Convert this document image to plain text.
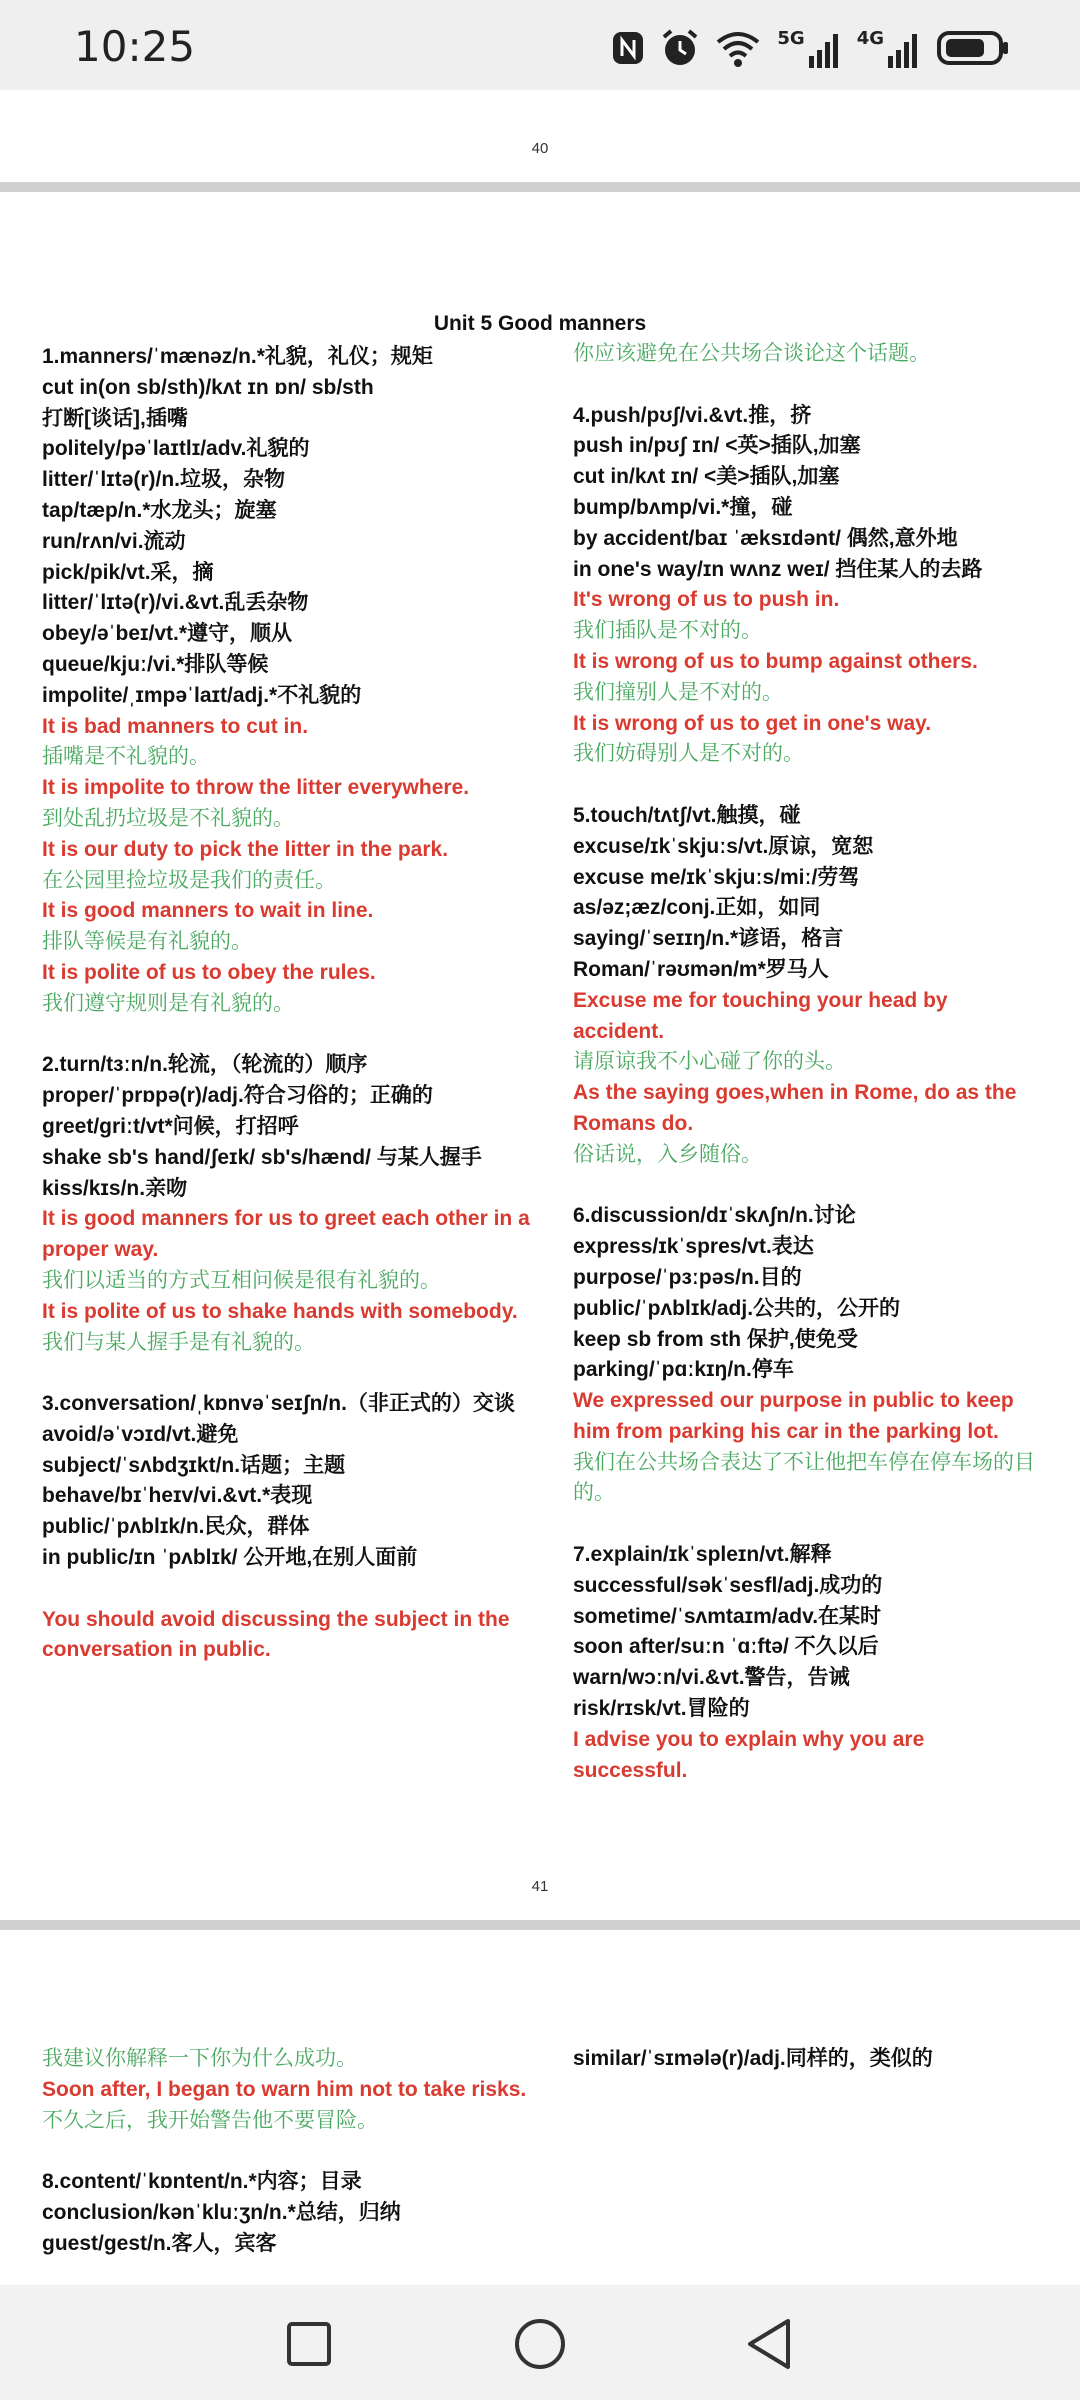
10:25	5G	4G
40
Unit 5 Good manners
1.manners/ˈmænəz/n.*礼貌，礼仪；规矩
cut in(on sb/sth)/kʌt ɪn ɒn/ sb/sth
打断[谈话],插嘴
politely/pəˈlaɪtlɪ/adv.礼貌的
litter/ˈlɪtə(r)/n.垃圾，杂物
tap/tæp/n.*水龙头；旋塞
run/rʌn/vi.流动
pick/pik/vt.采，摘
litter/ˈlɪtə(r)/vi.&vt.乱丢杂物
obey/əˈbeɪ/vt.*遵守，顺从
queue/kjuː/vi.*排队等候
impolite/ˌɪmpəˈlaɪt/adj.*不礼貌的
It is bad manners to cut in.
插嘴是不礼貌的。
It is impolite to throw the litter everywhere.
到处乱扔垃圾是不礼貌的。
It is our duty to pick the litter in the park.
在公园里捡垃圾是我们的责任。
It is good manners to wait in line.
排队等候是有礼貌的。
It is polite of us to obey the rules.
我们遵守规则是有礼貌的。
2.turn/tɜːn/n.轮流，（轮流的）顺序
proper/ˈprɒpə(r)/adj.符合习俗的；正确的
greet/griːt/vt*问候，打招呼
shake sb's hand/ʃeɪk/ sb's/hænd/ 与某人握手
kiss/kɪs/n.亲吻
It is good manners for us to greet each other in a proper way.
我们以适当的方式互相问候是很有礼貌的。
It is polite of us to shake hands with somebody.
我们与某人握手是有礼貌的。
3.conversation/ˌkɒnvəˈseɪʃn/n.（非正式的）交谈
avoid/əˈvɔɪd/vt.避免
subject/ˈsʌbdʒɪkt/n.话题；主题
behave/bɪˈheɪv/vi.&vt.*表现
public/ˈpʌblɪk/n.民众，群体
in public/ɪn ˈpʌblɪk/ 公开地,在别人面前
You should avoid discussing the subject in the conversation in public.
你应该避免在公共场合谈论这个话题。
4.push/pʊʃ/vi.&vt.推，挤
push in/pʊʃ ɪn/ <英>插队,加塞
cut in/kʌt ɪn/ <美>插队,加塞
bump/bʌmp/vi.*撞，碰
by accident/baɪ ˈæksɪdənt/ 偶然,意外地
in one's way/ɪn wʌnz weɪ/ 挡住某人的去路
It's wrong of us to push in.
我们插队是不对的。
It is wrong of us to bump against others.
我们撞别人是不对的。
It is wrong of us to get in one's way.
我们妨碍别人是不对的。
5.touch/tʌtʃ/vt.触摸，碰
excuse/ɪkˈskjuːs/vt.原谅，宽恕
excuse me/ɪkˈskjuːs/miː/劳驾
as/əz;æz/conj.正如，如同
saying/ˈseɪɪŋ/n.*谚语，格言
Roman/ˈrəʊmən/m*罗马人
Excuse me for touching your head by accident.
请原谅我不小心碰了你的头。
As the saying goes,when in Rome, do as the Romans do.
俗话说，入乡随俗。
6.discussion/dɪˈskʌʃn/n.讨论
express/ɪkˈspres/vt.表达
purpose/ˈpɜːpəs/n.目的
public/ˈpʌblɪk/adj.公共的，公开的
keep sb from sth 保护,使免受
parking/ˈpɑːkɪŋ/n.停车
We expressed our purpose in public to keep him from parking his car in the parking lot.
我们在公共场合表达了不让他把车停在停车场的目的。
7.explain/ɪkˈspleɪn/vt.解释
successful/səkˈsesfl/adj.成功的
sometime/ˈsʌmtaɪm/adv.在某时
soon after/suːn ˈɑːftə/ 不久以后
warn/wɔːn/vi.&vt.警告，告诫
risk/rɪsk/vt.冒险的
I advise you to explain why you are successful.
41
我建议你解释一下你为什么成功。
Soon after, I began to warn him not to take risks.
不久之后，我开始警告他不要冒险。
8.content/ˈkɒntent/n.*内容；目录
conclusion/kənˈkluːʒn/n.*总结，归纳
guest/gest/n.客人，宾客
similar/ˈsɪmələ(r)/adj.同样的，类似的
